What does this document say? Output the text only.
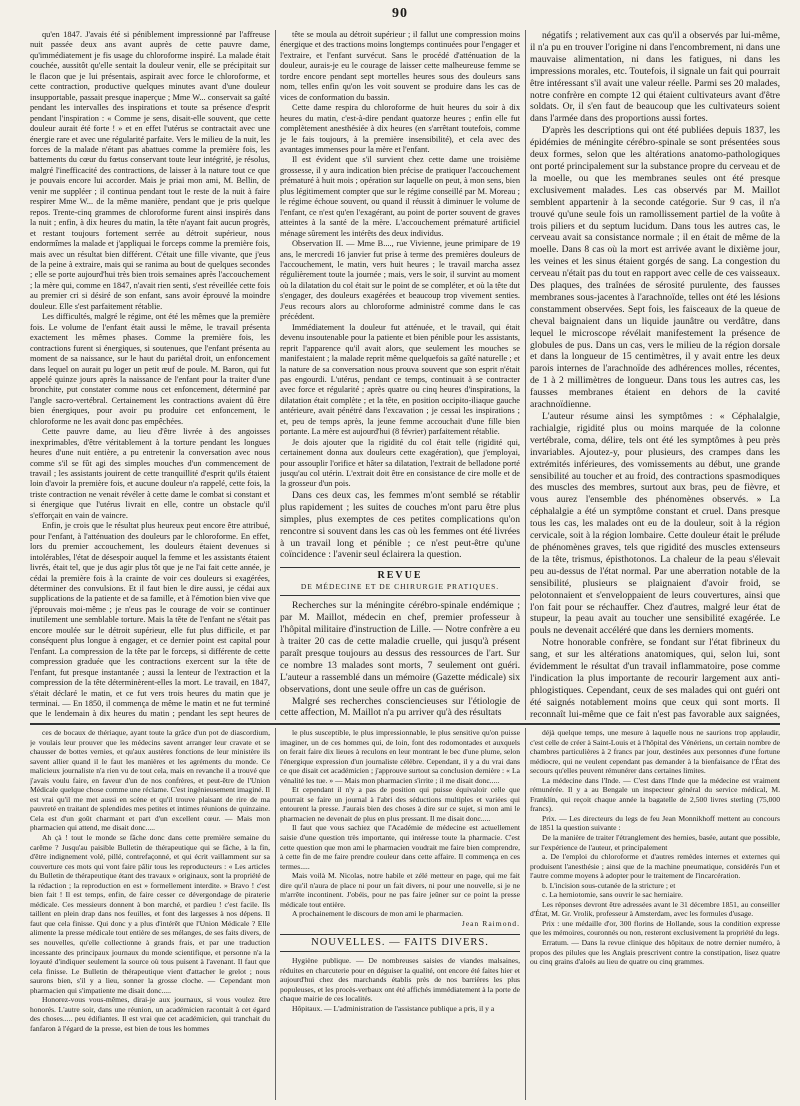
90

qu'en 1847. J'avais été si péniblement impressionné par l'affreuse nuit passée deux ans avant auprès de cette pauvre dame, qu'immédiatement je fis usage du chloroforme inspiré. La malade était couchée, aussitôt qu'elle sentait la douleur venir, elle se précipitait sur le flacon que je lui présentais, aspirait avec force le chloroforme, et cette contraction, productive quelques minutes avant d'une douleur insupportable, passait presque inaperçue ; Mme W... conservait sa gaîté pendant les intervalles des inspirations et toute sa présence d'esprit pendant l'inspiration : « Comme je sens, disait-elle souvent, que cette douleur aurait été forte ! » et en effet l'utérus se contractait avec une énergie rare et avec une régularité parfaite. Vers le milieu de la nuit, les forces de la malade n'étant pas abattues comme la première fois, les battements du cœur du fœtus conservant toute leur intégrité, je résolus, malgré l'inefficacité des contractions, de laisser à la nature tout ce que je pouvais encore lui accorder. Mais je priai mon ami, M. Bellin, de venir me suppléer ; il continua pendant tout le reste de la nuit à faire respirer Mme W... de la même manière, pendant que je pris quelque repos. Trente-cinq grammes de chloroforme furent ainsi inspirés dans la nuit ; enfin, à dix heures du matin, la tête n'ayant fait aucun progrès, et restant toujours fortement serrée au détroit supérieur, nous endormîmes la malade et j'appliquai le forceps comme la première fois, mais avec un résultat bien différent. C'était une fille vivante, que j'eus de la peine à extraire, mais qui se ranima au bout de quelques secondes ; elle se porte aujourd'hui très bien trois semaines après l'accouchement ; la mère qui, comme en 1847, n'avait rien senti, s'est réveillée cette fois au premier cri si désiré de son enfant, sans avoir éprouvé la moindre douleur. Elle s'est parfaitement rétablie.

Les difficultés, malgré le régime, ont été les mêmes que la première fois. Le volume de l'enfant était aussi le même, le travail présenta exactement les mêmes phases. Comme la première fois, les contractions furent si énergiques, si soutenues, que l'enfant présenta au moment de sa naissance, sur le haut du pariétal droit, un enfoncement dans lequel on aurait pu loger un petit œuf de poule. M. Baron, qui fut appelé quinze jours après la naissance de l'enfant pour la traiter d'une bronchite, put constater comme nous cet enfoncement, déterminé par l'angle sacro-vertébral. Certainement les contractions avaient dû être bien énergiques, pour avoir pu produire cet enfoncement, le chloroforme ne les avait donc pas empêchées.

Cette pauvre dame, au lieu d'être livrée à des angoisses inexprimables, d'être véritablement à la torture pendant les longues heures d'une nuit entière, a pu entretenir la conversation avec nous comme s'il se fût agi des simples mouches d'un commencement de travail ; les assistants jouirent de cette tranquillité d'esprit qu'ils étaient loin d'avoir la première fois, et aucune douleur n'a rappelé, cette fois, la triste contraction ne venait révéler à cette dame le combat si constant et si énergique que l'utérus livrait en elle, contre un obstacle qu'il s'efforçait en vain de vaincre.

Enfin, je crois que le résultat plus heureux peut encore être attribué, pour l'enfant, à l'atténuation des douleurs par le chloroforme. En effet, lors du premier accouchement, les douleurs étaient devenues si intolérables, l'état de désespoir auquel la femme et les assistants étaient livrés, était tel, que je dus agir plus tôt que je ne l'ai fait cette année, je cédai la première fois à la crainte de voir ces douleurs si exagérées, déterminer des convulsions. Et il faut bien le dire aussi, je cédai aux supplications de la patiente et de sa famille, et à l'émotion bien vive que j'éprouvais moi-même ; je n'eus pas le courage de voir se continuer inutilement une semblable torture. Mais la tête de l'enfant ne s'était pas encore moulée sur le détroit supérieur, elle fut plus difficile, et par conséquent plus longue à engager, et ce dernier point est capital pour l'enfant. La compression de la tête par le forceps, si différente de cette compression graduée que les contractions exercent sur la tête de l'enfant, fut presque instantanée ; aussi la lenteur de l'extraction et la compression de la tête déterminèrent-elles la mort. Le travail, en 1847, s'était déclaré le matin, et ce fut vers trois heures du matin que je terminai. — En 1850, il commença de même le matin et ne fut terminé que le lendemain à dix heures du matin ; pendant les sept heures de

tête se moula au détroit supérieur ; il fallut une compression moins énergique et des tractions moins longtemps continuées pour l'engager et l'extraire, et l'enfant survécut. Sans le procédé d'atténuation de la douleur, aurais-je eu le courage de laisser cette malheureuse femme se tordre encore pendant sept mortelles heures sous des douleurs sans nom, telles enfin qu'on les voit souvent se produire dans les cas de vices de conformation du bassin.

Cette dame respira du chloroforme de huit heures du soir à dix heures du matin, c'est-à-dire pendant quatorze heures ; enfin elle fut complètement anesthésiée à dix heures (en s'arrêtant toutefois, comme je le fais toujours, à la première insensibilité), et cela avec des avantages immenses pour la mère et l'enfant.

Il est évident que s'il survient chez cette dame une troisième grossesse, il y aura indication bien précise de pratiquer l'accouchement prématuré à huit mois ; opération sur laquelle on peut, à mon sens, bien plus légitimement compter que sur le régime conseillé par M. Moreau ; le régime échoue souvent, ou quand il réussit à diminuer le volume de l'enfant, ce n'est qu'en l'exagérant, au point de porter souvent de graves atteintes à la santé de la mère. L'accouchement prématuré artificiel ménage sûrement les intérêts des deux individus.

Observation II. — Mme B...., rue Vivienne, jeune primipare de 19 ans, le mercredi 16 janvier fut prise à terme des premières douleurs de l'accouchement, le matin, vers huit heures ; le travail marcha assez régulièrement toute la journée ; mais, vers le soir, il survint au moment où la dilatation du col était sur le point de se compléter, et où la tête dut s'engager, des douleurs exagérées et beaucoup trop vivement senties. J'eus recours alors au chloroforme administré comme dans le cas précédent.

Immédiatement la douleur fut atténuée, et le travail, qui était devenu insoutenable pour la patiente et bien pénible pour les assistants, reprit l'apparence qu'il avait alors, que seulement les mouches se manifestaient ; la malade reprit même quelquefois sa gaîté naturelle ; et la nature de sa conversation nous prouva souvent que son esprit n'était pas engourdi. L'utérus, pendant ce temps, continuait à se contracter avec force et régularité ; après quatre ou cinq heures d'inspirations, la dilatation était complète ; et la tête, en position occipito-iliaque gauche antérieure, avait pénétré dans l'excavation ; je cessai les inspirations ; et, peu de temps après, la jeune femme accouchait d'une fille bien portante. La mère est aujourd'hui (8 février) parfaitement rétablie.

Je dois ajouter que la rigidité du col était telle (rigidité qui, certainement donna aux douleurs cette exagération), que j'employai, pour assouplir l'orifice et hâter sa dilatation, l'extrait de belladone porté jusqu'au col utérin. L'extrait doit être en consistance de cire molle et de la grosseur d'un pois.

Dans ces deux cas, les femmes m'ont semblé se rétablir plus rapidement ; les suites de couches m'ont paru être plus simples, plus exemptes de ces petites complications qu'on rencontre si souvent dans les cas où les femmes ont été livrées à un travail long et pénible ; ce n'est peut-être qu'une coïncidence : l'avenir seul éclairera la question.

REVUE
DE MÉDECINE ET DE CHIRURGIE PRATIQUES.

Recherches sur la méningite cérébro-spinale endémique ; par M. Maillot, médecin en chef, premier professeur à l'hôpital militaire d'instruction de Lille. — Notre confrère a eu à traiter 20 cas de cette maladie cruelle, qui jusqu'à présent paraît presque toujours au dessus des ressources de l'art. Sur ce nombre 13 malades sont morts, 7 seulement ont guéri. L'auteur a rassemblé dans un mémoire (Gazette médicale) six observations, dont une seule offre un cas de guérison.

Malgré ses recherches consciencieuses sur l'étiologie de cette affection, M. Maillot n'a pu arriver qu'à des résultats

négatifs ; relativement aux cas qu'il a observés par lui-même, il n'a pu en trouver l'origine ni dans l'encombrement, ni dans une mauvaise alimentation, ni dans les fatigues, ni dans les impressions morales, etc. Toutefois, il signale un fait qui pourrait être intéressant s'il avait une valeur réelle. Parmi ses 20 malades, notre confrère en compte 12 qui étaient cultivateurs avant d'être soldats. Or, il s'en faut de beaucoup que les cultivateurs soient dans l'armée dans des proportions aussi fortes.

D'après les descriptions qui ont été publiées depuis 1837, les épidémies de méningite cérébro-spinale se sont présentées sous deux formes, selon que les altérations anatomo-pathologiques ont porté principalement sur la substance propre du cerveau et de la moelle, ou que les membranes seules ont été presque exclusivement malades. Les cas observés par M. Maillot semblent appartenir à la seconde catégorie. Sur 9 cas, il n'a trouvé qu'une seule fois un ramollissement partiel de la voûte à trois piliers et du septum lucidum. Dans tous les autres cas, le cerveau avait sa consistance normale ; il en était de même de la moelle. Dans 8 cas où la mort est arrivée avant le dixième jour, les veines et les sinus étaient gorgés de sang. La congestion du cerveau n'était pas du tout en rapport avec celle de ces vaisseaux. Des plaques, des traînées de sérosité purulente, des fausses membranes sous-jacentes à l'arachnoïde, telles ont été les lésions constamment observées. Sept fois, les faisceaux de la queue de cheval baignaient dans un liquide jaunâtre ou verdâtre, dans lequel le microscope révélait manifestement la présence de globules de pus. Dans un cas, vers le milieu de la région dorsale et dans la longueur de 15 centimètres, il y avait entre les deux parois internes de l'arachnoïde des adhérences molles, récentes, de 1 à 2 millimètres de longueur. Dans tous les autres cas, les fausses membranes étaient en dehors de la cavité arachnoïdienne.

L'auteur résume ainsi les symptômes : « Céphalalgie, rachialgie, rigidité plus ou moins marquée de la colonne vertébrale, coma, délire, tels ont été les symptômes à peu près invariables. Ajoutez-y, pour plusieurs, des crampes dans les extrémités inférieures, des vomissements au début, une grande sensibilité au toucher et au froid, des contractions spasmodiques des muscles des membres, surtout aux bras, peu de fièvre, et vous aurez l'ensemble des phénomènes observés. » La céphalalgie a été un symptôme constant et cruel. Dans presque tous les cas, les malades ont eu de la douleur, soit à la région cervicale, soit à la région lombaire. Cette douleur était le prélude de phénomènes graves, tels que rigidité des muscles extenseurs de la tête, trismus, épisthotonos. La chaleur de la peau s'élevait peu au-dessus de l'état normal. Par une aberration notable de la sensibilité, plusieurs se plaignaient d'avoir froid, se pelotonnaient et s'enveloppaient de leurs couvertures, ainsi que l'on fait pour se réchauffer. Chez d'autres, malgré leur état de stupeur, la peau avait au toucher une sensibilité exagérée. Le pouls ne devenait accéléré que dans les derniers moments.

Notre honorable confrère, se fondant sur l'état fibrineux du sang, et sur les altérations anatomiques, qui, selon lui, sont évidemment le résultat d'un travail inflammatoire, pose comme l'indication la plus importante de recourir largement aux anti-phlogistiques. Cependant, ceux de ses malades qui ont guéri ont été saignés notablement moins que ceux qui sont morts. Il reconnaît lui-même que ce fait n'est pas favorable aux saignées,

ces de bocaux de thériaque, ayant toute la grâce d'un pot de diascordium, je voulais leur prouver que les médecins savent arranger leur cravate et se chausser de bottes vernies, et qu'aux austères fonctions de leur ministère ils savent allier quand il le faut les manières et les agréments du monde. Ce malicieux journaliste n'a rien vu de tout cela, mais en revanche il a trouvé que j'avais voulu faire, en faveur d'un de nos confrères, et peut-être de l'Union Médicale quelque chose comme une réclame. C'est ingénieusement imaginé. Il est vrai qu'il me met aussi en scène et qu'il trouve plaisant de rire de ma pauvreté en traitant de splendides mes petites et intimes réunions de quinzaine. Cela est d'un goût charmant et part d'un excellent cœur. — Mais mon pharmacien qui attend, me disait donc.....

Ah çà ! tout le monde se fâche donc dans cette première semaine du carême ? Jusqu'au paisible Bulletin de thérapeutique qui se fâche, à la fin, d'être indignement volé, pillé, contrefaçonné, et qui écrit vaillamment sur sa couverture ces mots qui vont faire pâlir tous les reproducteurs : « Les articles du Bulletin de thérapeutique étant des travaux » originaux, sont la propriété de la rédaction ; la reproduction en est » formellement interdite. » Bravo ! c'est bien fait ! Il est temps, enfin, de faire cesser ce dévergondage de piraterie médicale. Ces messieurs donnent à bon marché, et pardieu ! c'est facile. Ils taillent en plein drap dans nos feuilles, et font des largesses à nos dépens. Il faut que cela finisse. Qui donc y a plus d'intérêt que l'Union Médicale ? Elle alimente la presse médicale tout entière de ses mélanges, de ses faits divers, de ses nouvelles, qu'elle collectionne à grands frais, et par une traduction incessante des principaux journaux du monde scientifique, et personne n'a la loyauté d'indiquer seulement la source où tous puisent à l'avenant. Il faut que cela finisse. Le Bulletin de thérapeutique vient d'attacher le grelot ; nous saurons bien, s'il y a lieu, sonner la grosse cloche. — Cependant mon pharmacien qui s'impatiente me disait donc.....

Honorez-vous vous-mêmes, dirai-je aux journaux, si vous voulez être honorés. L'autre soir, dans une réunion, un académicien racontait à cet égard des choses..... peu édifiantes. Il est vrai que cet académicien, qui tranchait du fanfaron à l'égard de la presse, est bien de tous les hommes

le plus susceptible, le plus impressionnable, le plus sensitive qu'on puisse imaginer, un de ces hommes qui, de loin, font des rodomontades et auxquels on ferait faire dix lieues à reculons en leur montrant le bec d'une plume, selon l'énergique expression d'un journaliste célèbre. Cependant, il y a du vrai dans ce que disait cet académicien ; j'approuve surtout sa conclusion dernière : « La vénalité les tue. » — Mais mon pharmacien s'irrite ; il me disait donc.....

Et cependant il n'y a pas de position qui puisse équivaloir celle que pourrait se faire un journal à l'abri des séductions multiples et variées qui entourent la presse. J'aurais bien des choses à dire sur ce sujet, si mon ami le pharmacien ne devenait de plus en plus pressant. Il me disait donc.....

Il faut que vous sachiez que l'Académie de médecine est actuellement saisie d'une question très importante, qui intéresse toute la pharmacie. C'est cette question que mon ami le pharmacien voudrait me faire bien comprendre, à cette fin de me faire prendre couleur dans cette affaire. Il commença en ces termes.....

Mais voilà M. Nicolas, notre habile et zélé metteur en page, qui me fait dire qu'il n'aura de place ni pour un fait divers, ni pour une nouvelle, si je ne m'arrête incontinent. J'obéis, pour ne pas faire jeûner sur ce point la presse médicale tout entière.

A prochainement le discours de mon ami le pharmacien.

Jean Raimond.
NOUVELLES. — FAITS DIVERS.

Hygiène publique. — De nombreuses saisies de viandes malsaines, réduites en charcuterie pour en déguiser la qualité, ont encore été faites hier et aujourd'hui chez des marchands établis près de nos barrières les plus populeuses, et les procès-verbaux ont été affichés immédiatement à la porte de chaque mairie de ces localités.

Hôpitaux. — L'administration de l'assistance publique a pris, il y a

déjà quelque temps, une mesure à laquelle nous ne saurions trop applaudir, c'est celle de créer à Saint-Louis et à l'hôpital des Vénériens, un certain nombre de chambres particulières à 2 francs par jour, destinées aux personnes d'une fortune médiocre, qui ne veulent cependant pas demander à la bienfaisance de l'État des secours qu'elles peuvent rémunérer dans certaines limites.

La médecine dans l'Inde. — C'est dans l'Inde que la médecine est vraiment rémunérée. Il y a au Bengale un inspecteur général du service médical, M. Franklin, qui reçoit chaque année la bagatelle de 2,500 livres sterling (75,000 francs).

Prix. — Les directeurs du legs de feu Jean Monnikhoff mettent au concours de 1851 la question suivante :

De la manière de traiter l'étranglement des hernies, basée, autant que possible, sur l'expérience de l'auteur, et principalement

a. De l'emploi du chloroforme et d'autres remèdes internes et externes qui produisent l'anesthésie ; ainsi que de la machine pneumatique, considérés l'un et l'autre comme moyens à adopter pour le traitement de l'incarcération.

b. L'incision sous-cutanée de la stricture ; et

c. La herniotomie, sans ouvrir le sac herniaire.

Les réponses devront être adressées avant le 31 décembre 1851, au conseiller d'État, M. Gr. Vrolik, professeur à Amsterdam, avec les formules d'usage.

Prix : une médaille d'or, 300 florins de Hollande, sous la condition expresse que les mémoires, couronnés ou non, resteront exclusivement la propriété du legs.

Erratum. — Dans la revue clinique des hôpitaux de notre dernier numéro, à propos des pilules que les Anglais prescrivent contre la constipation, lisez quatre ou cinq grains d'aloès au lieu de quatre ou cinq grammes.
